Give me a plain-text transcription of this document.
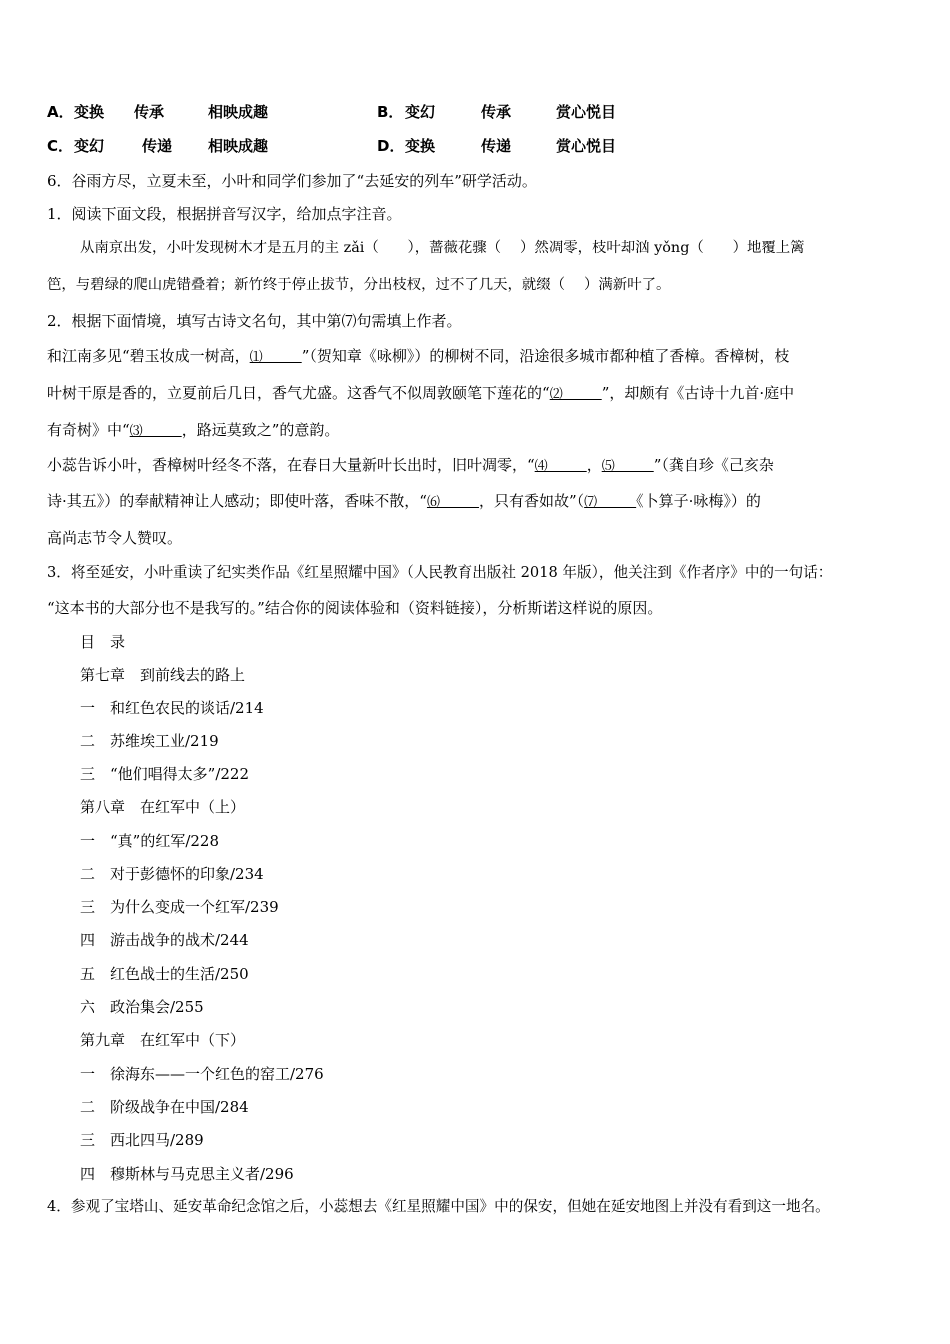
A． 变换 传承	相映成趣	B． 变幻	传承	赏心悦目
C． 变幻	传递 相映成趣	D． 变换	传递	赏心悦目
6．谷雨方尽，立夏未至，小叶和同学们参加了“去延安的列车”研学活动。
1．阅读下面文段，根据拼音写汉字，给加点字注音。
从南京出发，小叶发现树木才是五月的主 zǎi（　　），蔷薇花骤（　 ）然凋零，枝叶却汹 yǒng（　　）地覆上篱
笆，与碧绿的爬山虎错叠着；新竹终于停止拔节，分出枝杈，过不了几天，就缀（　 ）满新叶了。
2．根据下面情境，填写古诗文名句，其中第⑺句需填上作者。
和江南多见“碧玉妆成一树高，⑴　　　”（贺知章《咏柳》）的柳树不同，沿途很多城市都种植了香樟。香樟树，枝
叶树干原是香的，立夏前后几日，香气尤盛。这香气不似周敦颐笔下莲花的“⑵　　　”，却颇有《古诗十九首·庭中
有奇树》中“⑶　　　，路远莫致之”的意韵。
小蕊告诉小叶，香樟树叶经冬不落，在春日大量新叶长出时，旧叶凋零，“⑷　　　，⑸　　　”（龚自珍《己亥杂
诗·其五》）的奉献精神让人感动；即使叶落，香味不散，“⑹　　　，只有香如故”（⑺　　　《卜算子·咏梅》）的
高尚志节令人赞叹。
3．将至延安，小叶重读了纪实类作品《红星照耀中国》（人民教育出版社 2018 年版），他关注到《作者序》中的一句话：
“这本书的大部分也不是我写的。”结合你的阅读体验和（资料链接），分析斯诺这样说的原因。
目　录
第七章　到前线去的路上
一　和红色农民的谈话/214
二　苏维埃工业/219
三　“他们唱得太多”/222
第八章　在红军中（上）
一　“真”的红军/228
二　对于彭德怀的印象/234
三　为什么变成一个红军/239
四　游击战争的战术/244
五　红色战士的生活/250
六　政治集会/255
第九章　在红军中（下）
一　徐海东——一个红色的窑工/276
二　阶级战争在中国/284
三　西北四马/289
四　穆斯林与马克思主义者/296
4．参观了宝塔山、延安革命纪念馆之后，小蕊想去《红星照耀中国》中的保安，但她在延安地图上并没有看到这一地名。
